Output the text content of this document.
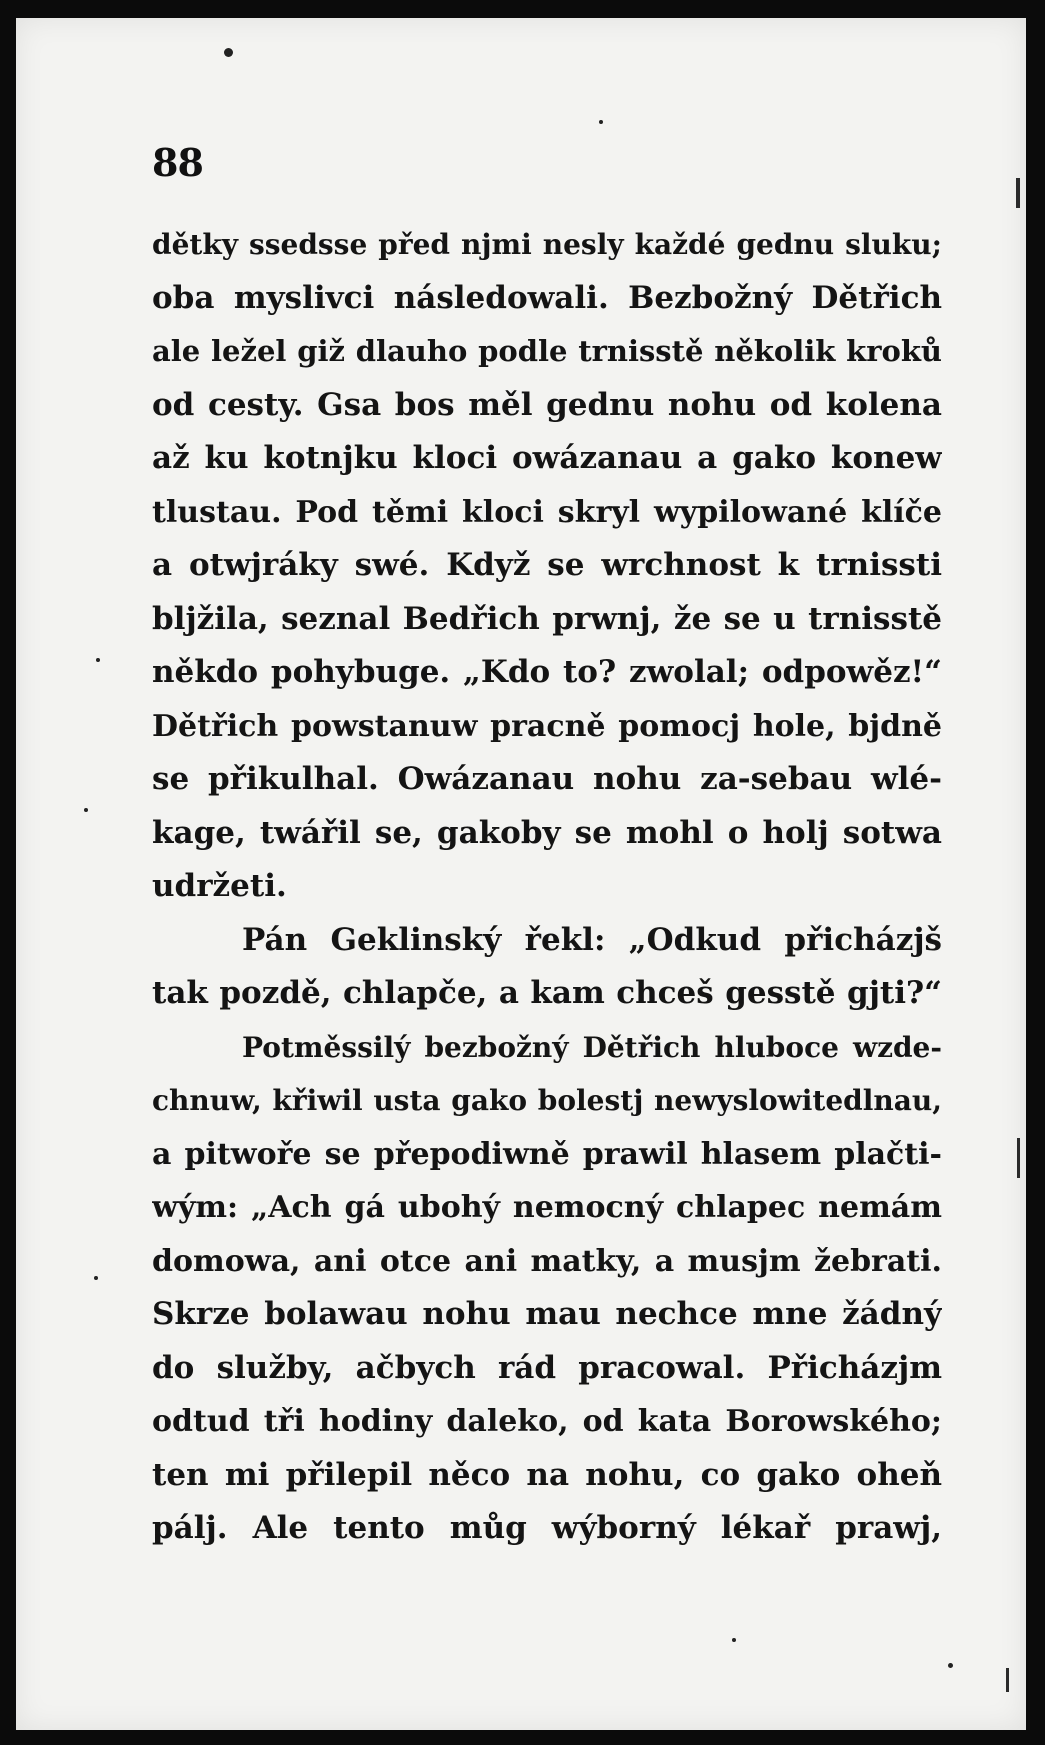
88
dětky ssedsse před njmi nesly každé gednu sluku;
oba myslivci následowali. Bezbožný Dětřich
ale ležel giž dlauho podle trnisstě několik kroků
od cesty. Gsa bos měl gednu nohu od kolena
až ku kotnjku kloci owázanau a gako konew
tlustau. Pod těmi kloci skryl wypilowané klíče
a otwjráky swé. Když se wrchnost k trnissti
bljžila, seznal Bedřich prwnj, že se u trnisstě
někdo pohybuge. „Kdo to? zwolal; odpowěz!“
Dětřich powstanuw pracně pomocj hole, bjdně
se přikulhal. Owázanau nohu za-sebau wlé-
kage, twářil se, gakoby se mohl o holj sotwa
udržeti.
Pán Geklinský řekl: „Odkud přicházjš
tak pozdě, chlapče, a kam chceš gesstě gjti?“
Potměssilý bezbožný Dětřich hluboce wzde-
chnuw, křiwil usta gako bolestj newyslowitedlnau,
a pitwoře se přepodiwně prawil hlasem plačti-
wým: „Ach gá ubohý nemocný chlapec nemám
domowa, ani otce ani matky, a musjm žebrati.
Skrze bolawau nohu mau nechce mne žádný
do služby, ačbych rád pracowal. Přicházjm
odtud tři hodiny daleko, od kata Borowského;
ten mi přilepil něco na nohu, co gako oheň
pálj. Ale tento můg wýborný lékař prawj,
